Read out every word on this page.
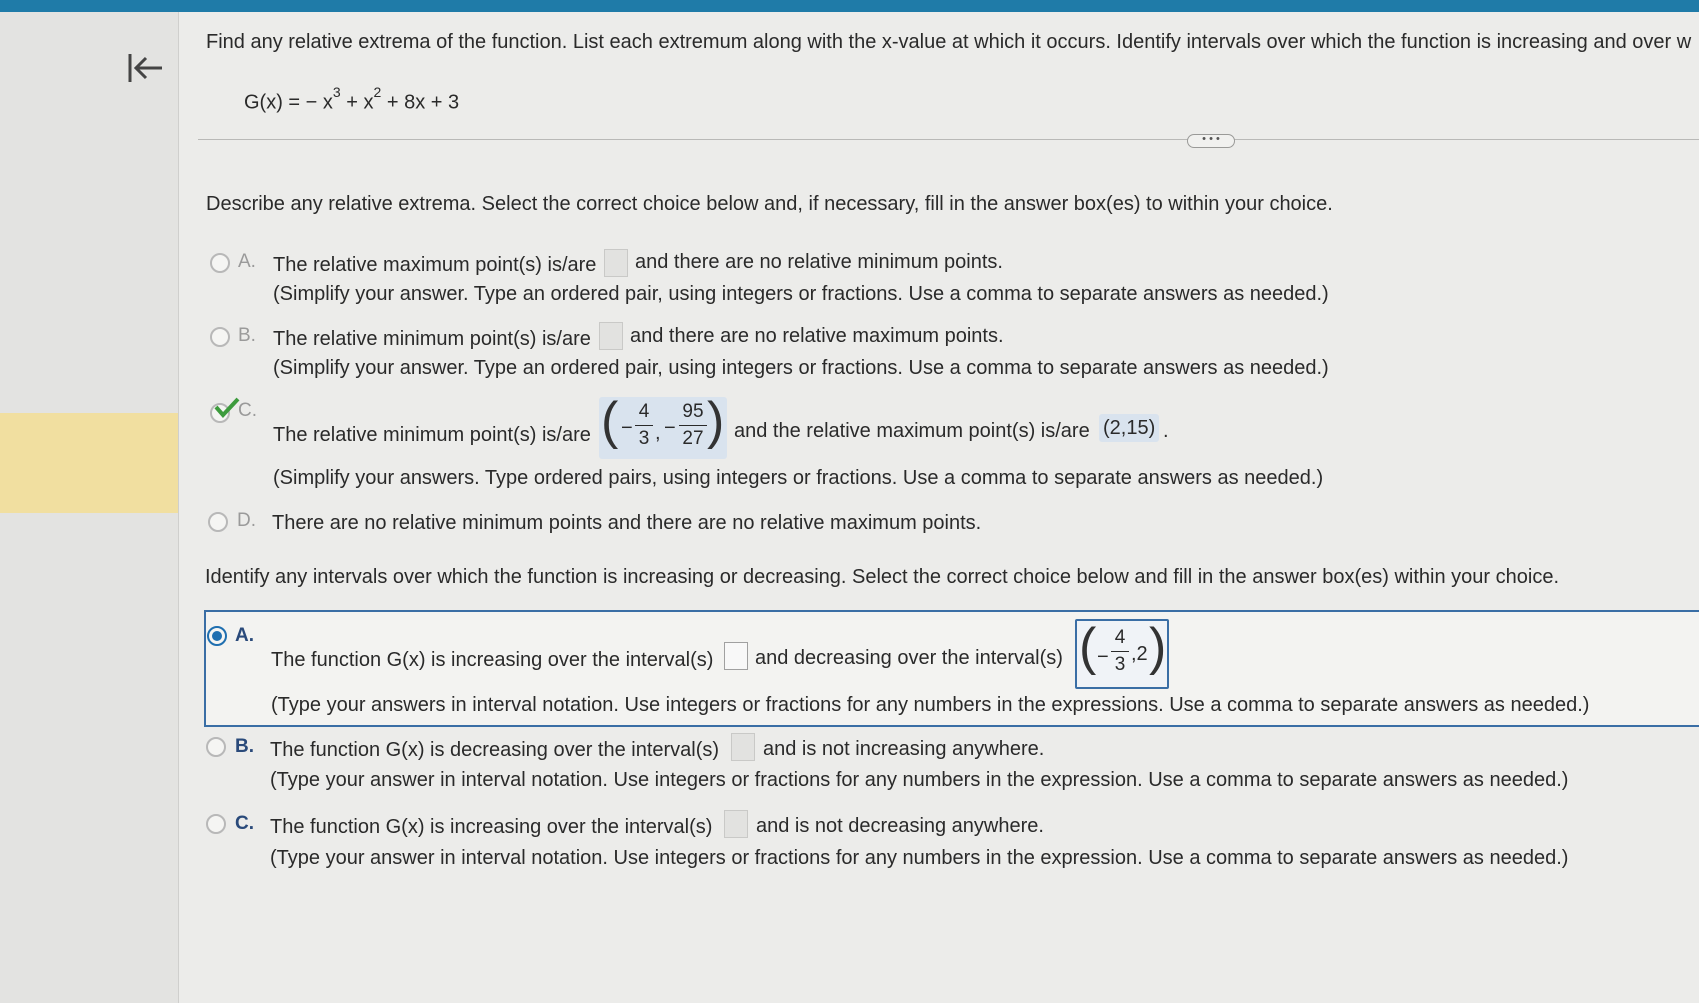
Find any relative extrema of the function. List each extremum along with the x-value at which it occurs. Identify intervals over which the function is increasing and over w
G(x) = − $x^3 + x^2 + 8x + 3$
• • •
Describe any relative extrema. Select the correct choice below and, if necessary, fill in the answer box(es) to within your choice.
A. The relative maximum point(s) is/are and there are no relative minimum points.
(Simplify your answer. Type an ordered pair, using integers or fractions. Use a comma to separate answers as needed.)
B. The relative minimum point(s) is/are and there are no relative maximum points.
(Simplify your answer. Type an ordered pair, using integers or fractions. Use a comma to separate answers as needed.)
C.
The relative minimum point(s) is/are ( −
4
3 , −
95
27 ) and the relative maximum point(s) is/are (2,15) .
(Simplify your answers. Type ordered pairs, using integers or fractions. Use a comma to separate answers as needed.)
D. There are no relative minimum points and there are no relative maximum points.
Identify any intervals over which the function is increasing or decreasing. Select the correct choice below and fill in the answer box(es) within your choice.
A.
The function G(x) is increasing over the interval(s) and decreasing over the interval(s) ( −
4
3 ,2 )
(Type your answers in interval notation. Use integers or fractions for any numbers in the expressions. Use a comma to separate answers as needed.)
B. The function G(x) is decreasing over the interval(s) and is not increasing anywhere.
(Type your answer in interval notation. Use integers or fractions for any numbers in the expression. Use a comma to separate answers as needed.)
C. The function G(x) is increasing over the interval(s) and is not decreasing anywhere.
(Type your answer in interval notation. Use integers or fractions for any numbers in the expression. Use a comma to separate answers as needed.)
